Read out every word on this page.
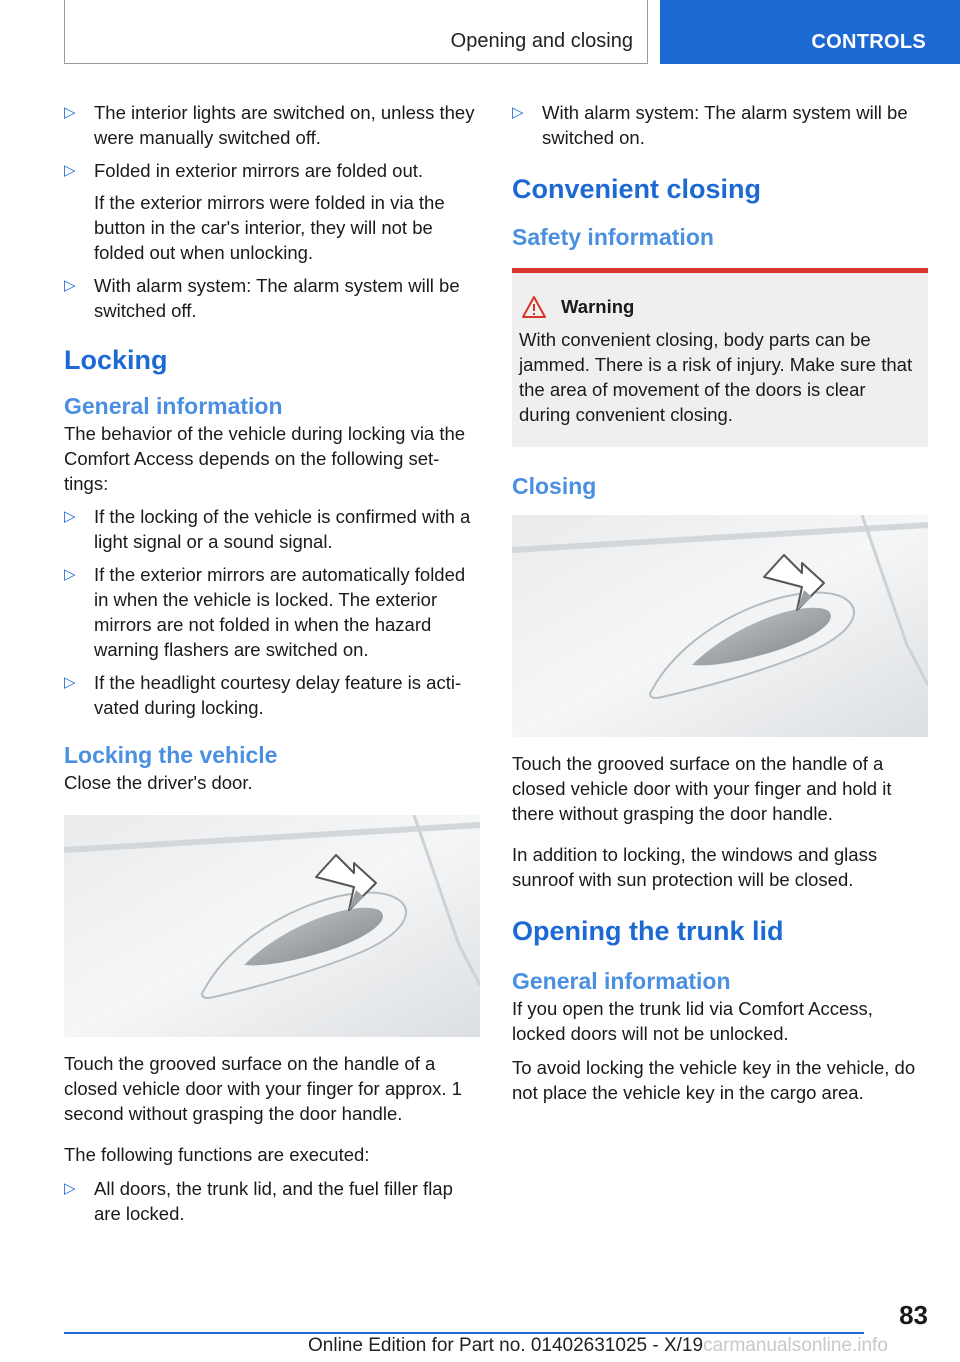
Opening and closing	CONTROLS
▷ The interior lights are switched on, unless they were manually switched off.
▷ Folded in exterior mirrors are folded out.
If the exterior mirrors were folded in via the button in the car's interior, they will not be folded out when unlocking.
▷ With alarm system: The alarm system will be switched off.
Locking
General information

The behavior of the vehicle during locking via the Comfort Access depends on the following set-tings:

▷ If the locking of the vehicle is confirmed with a light signal or a sound signal.
▷ If the exterior mirrors are automatically folded in when the vehicle is locked. The exterior mirrors are not folded in when the hazard warning flashers are switched on.
▷ If the headlight courtesy delay feature is acti-vated during locking.
Locking the vehicle

Close the driver's door.

Touch the grooved surface on the handle of a closed vehicle door with your finger for approx. 1 second without grasping the door handle.

The following functions are executed:

▷ All doors, the trunk lid, and the fuel filler flap are locked.
▷ With alarm system: The alarm system will be switched on.
Convenient closing
Safety information
Warning
With convenient closing, body parts can be jammed. There is a risk of injury. Make sure that the area of movement of the doors is clear during convenient closing.
Closing

Touch the grooved surface on the handle of a closed vehicle door with your finger and hold it there without grasping the door handle.

In addition to locking, the windows and glass sunroof with sun protection will be closed.

Opening the trunk lid
General information

If you open the trunk lid via Comfort Access, locked doors will not be unlocked.

To avoid locking the vehicle key in the vehicle, do not place the vehicle key in the cargo area.

83
Online Edition for Part no. 01402631025 - X/19carmanualsonline.info
